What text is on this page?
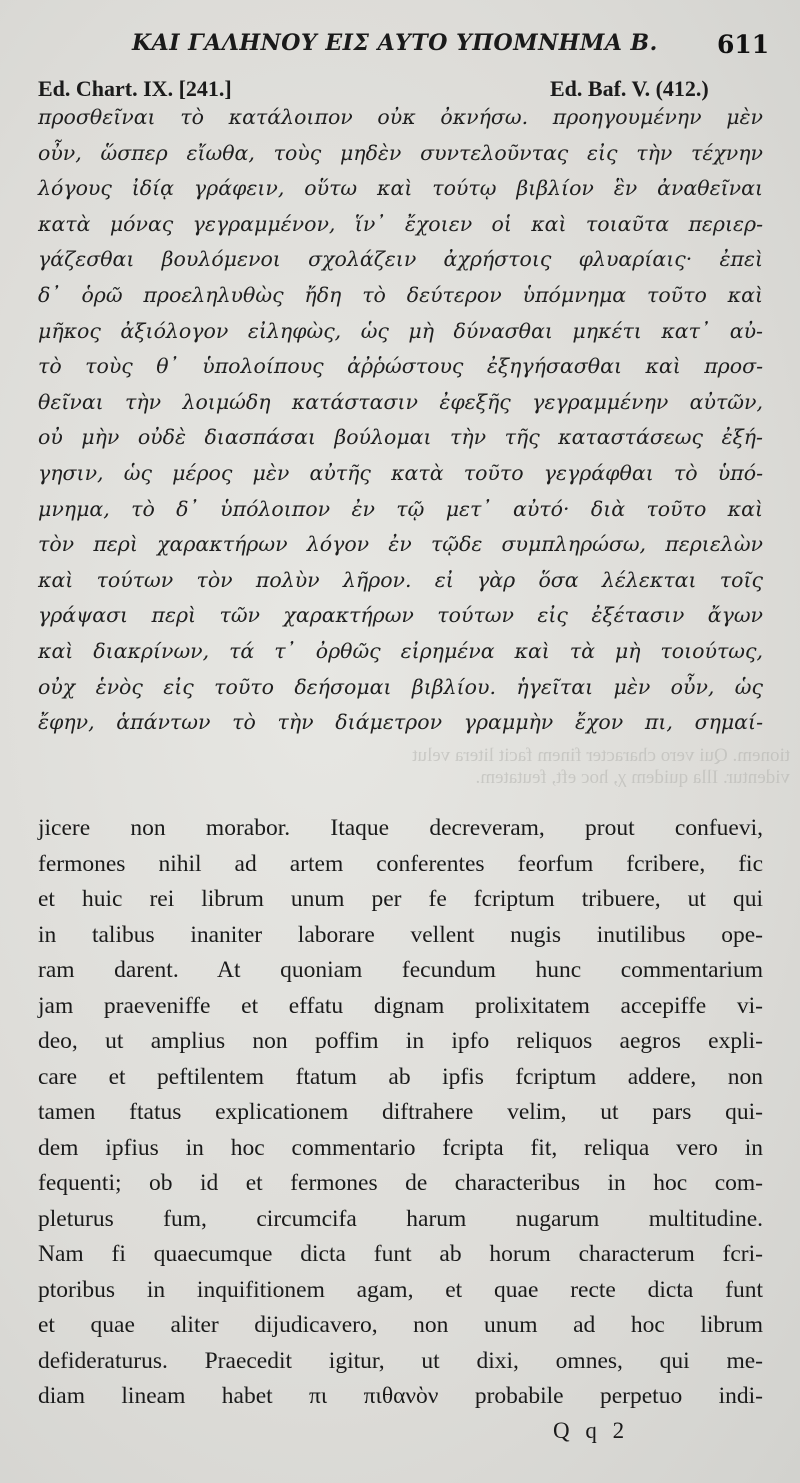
ΚΑΙ ΓΑΛΗΝΟΥ ΕΙΣ ΑΥΤΟ ΥΠΟΜΝΗΜΑ Β.	611
Ed. Chart. IX. [241.]	Ed. Baf. V. (412.)
προσθεῖναι τὸ κατάλοιπον οὐκ ὀκνήσω. προηγουμένην μὲν
οὖν, ὥσπερ εἴωθα, τοὺς μηδὲν συντελοῦντας εἰς τὴν τέχνην
λόγους ἰδίᾳ γράφειν, οὕτω καὶ τούτῳ βιβλίον ἓν ἀναθεῖναι
κατὰ μόνας γεγραμμένον, ἵν᾽ ἔχοιεν οἱ καὶ τοιαῦτα περιερ-
γάζεσθαι βουλόμενοι σχολάζειν ἀχρήστοις φλυαρίαις· ἐπεὶ
δ᾽ ὁρῶ προεληλυθὼς ἤδη τὸ δεύτερον ὑπόμνημα τοῦτο καὶ
μῆκος ἀξιόλογον εἰληφὼς, ὡς μὴ δύνασθαι μηκέτι κατ᾽ αὐ-
τὸ τοὺς θ᾽ ὑπολοίπους ἀῤῥώστους ἐξηγήσασθαι καὶ προσ-
θεῖναι τὴν λοιμώδη κατάστασιν ἐφεξῆς γεγραμμένην αὐτῶν,
οὐ μὴν οὐδὲ διασπάσαι βούλομαι τὴν τῆς καταστάσεως ἐξή-
γησιν, ὡς μέρος μὲν αὐτῆς κατὰ τοῦτο γεγράφθαι τὸ ὑπό-
μνημα, τὸ δ᾽ ὑπόλοιπον ἐν τῷ μετ᾽ αὐτό· διὰ τοῦτο καὶ
τὸν περὶ χαρακτήρων λόγον ἐν τῷδε συμπληρώσω, περιελὼν
καὶ τούτων τὸν πολὺν λῆρον. εἰ γὰρ ὅσα λέλεκται τοῖς
γράψασι περὶ τῶν χαρακτήρων τούτων εἰς ἐξέτασιν ἄγων
καὶ διακρίνων, τά τ᾽ ὀρθῶς εἰρημένα καὶ τὰ μὴ τοιούτως,
οὐχ ἑνὸς εἰς τοῦτο δεήσομαι βιβλίου. ἡγεῖται μὲν οὖν, ὡς
ἔφην, ἁπάντων τὸ τὴν διάμετρον γραμμὴν ἔχον πι, σημαί-
tionem. Qui vero character finem facit litera velut
videntur. Illa quidem χ, hoc eft, feutatem.
jicere non morabor. Itaque decreveram, prout confuevi,
fermones nihil ad artem conferentes feorfum fcribere, fic
et huic rei librum unum per fe fcriptum tribuere, ut qui
in talibus inaniter laborare vellent nugis inutilibus ope-
ram darent. At quoniam fecundum hunc commentarium
jam praeveniffe et effatu dignam prolixitatem accepiffe vi-
deo, ut amplius non poffim in ipfo reliquos aegros expli-
care et peftilentem ftatum ab ipfis fcriptum addere, non
tamen ftatus explicationem diftrahere velim, ut pars qui-
dem ipfius in hoc commentario fcripta fit, reliqua vero in
fequenti; ob id et fermones de characteribus in hoc com-
pleturus fum, circumcifa harum nugarum multitudine.
Nam fi quaecumque dicta funt ab horum characterum fcri-
ptoribus in inquifitionem agam, et quae recte dicta funt
et quae aliter dijudicavero, non unum ad hoc librum
defideraturus. Praecedit igitur, ut dixi, omnes, qui me-
diam lineam habet πι πιθανὸν probabile perpetuo indi-
Q q 2
